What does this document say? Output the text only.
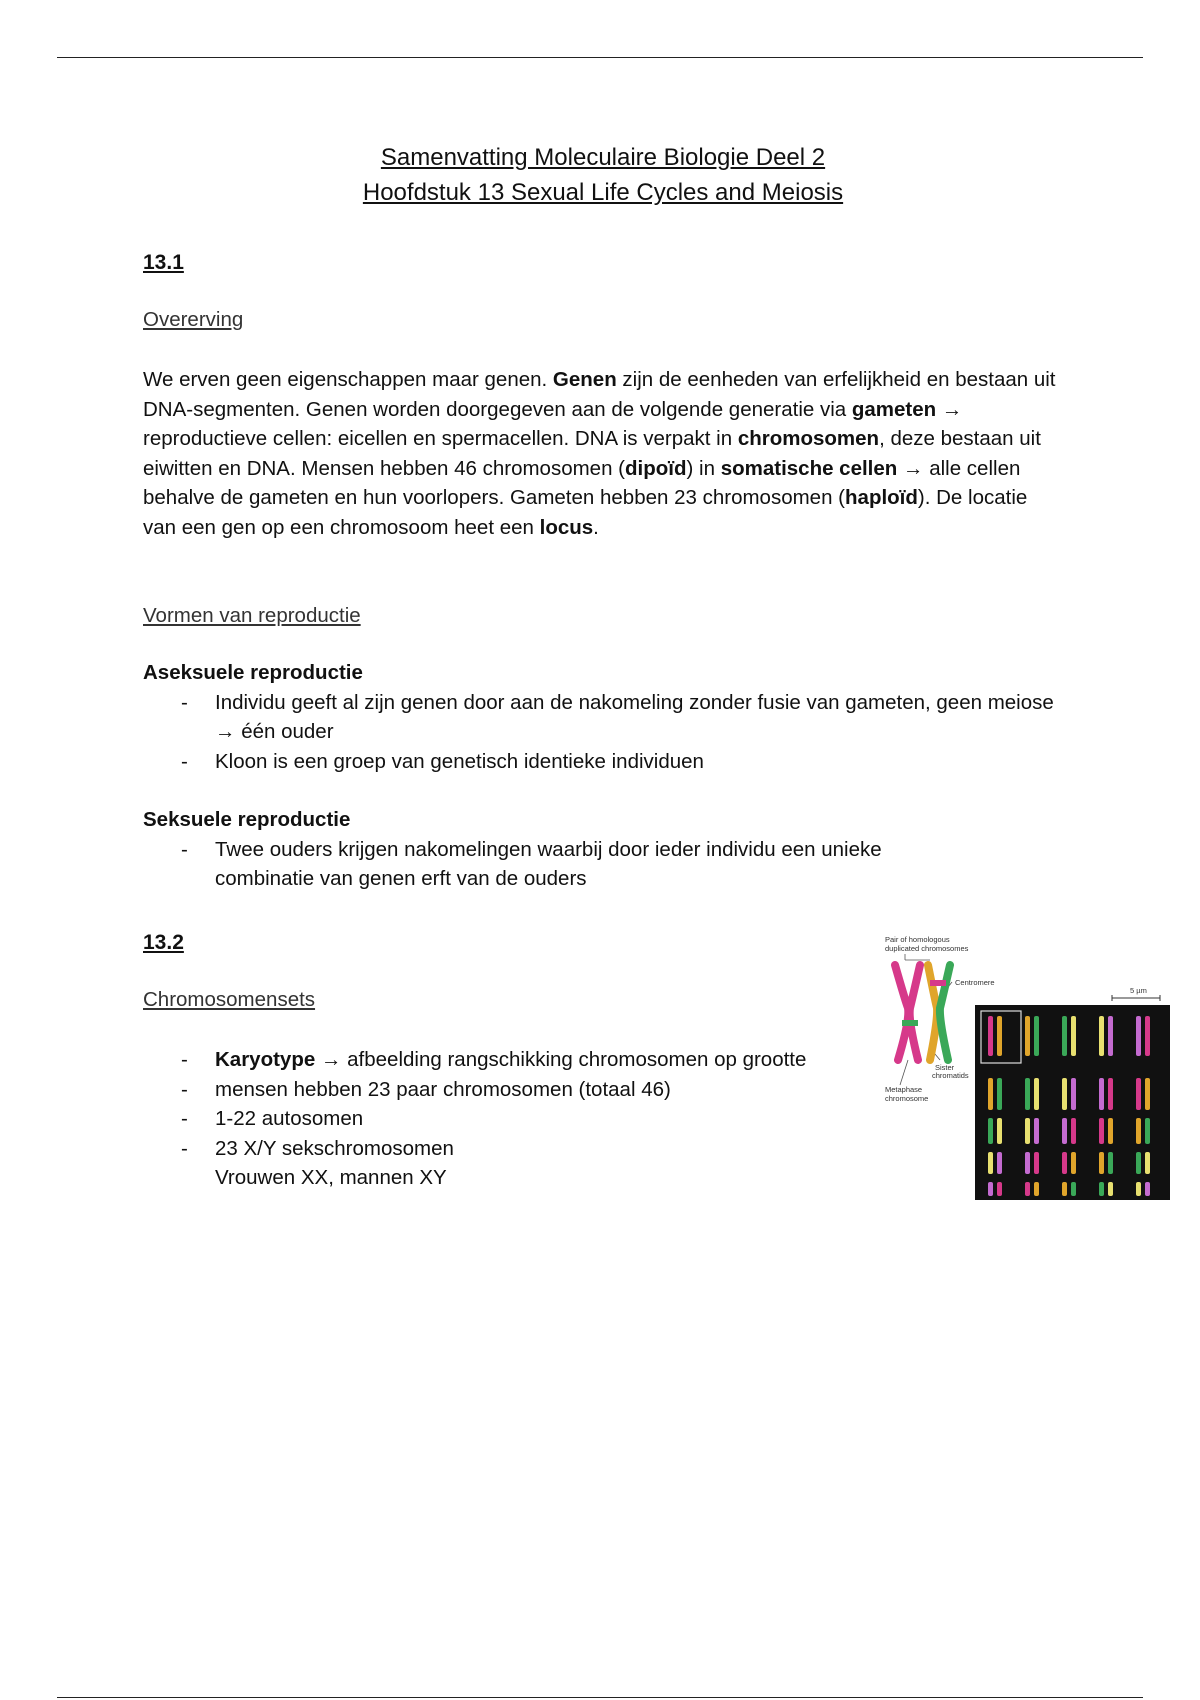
Samenvatting Moleculaire Biologie Deel 2
Hoofdstuk 13 Sexual Life Cycles and Meiosis
13.1
Overerving

We erven geen eigenschappen maar genen. Genen zijn de eenheden van erfelijkheid en bestaan uit DNA-segmenten. Genen worden doorgegeven aan de volgende generatie via gameten → reproductieve cellen: eicellen en spermacellen. DNA is verpakt in chromosomen, deze bestaan uit eiwitten en DNA. Mensen hebben 46 chromosomen (dipoïd) in somatische cellen → alle cellen behalve de gameten en hun voorlopers. Gameten hebben 23 chromosomen (haploïd). De locatie van een gen op een chromosoom heet een locus.

Vormen van reproductie
Aseksuele reproductie
- Individu geeft al zijn genen door aan de nakomeling zonder fusie van gameten, geen meiose → één ouder
- Kloon is een groep van genetisch identieke individuen
Seksuele reproductie
- Twee ouders krijgen nakomelingen waarbij door ieder individu een unieke combinatie van genen erft van de ouders
13.2
Chromosomensets
- Karyotype → afbeelding rangschikking chromosomen op grootte
- mensen hebben 23 paar chromosomen (totaal 46)
- 1-22 autosomen
- 23 X/Y sekschromosomen
Vrouwen XX, mannen XY
Pair of homologous
duplicated chromosomes
Centromere
Sister
chromatids
Metaphase
chromosome
5 µm
